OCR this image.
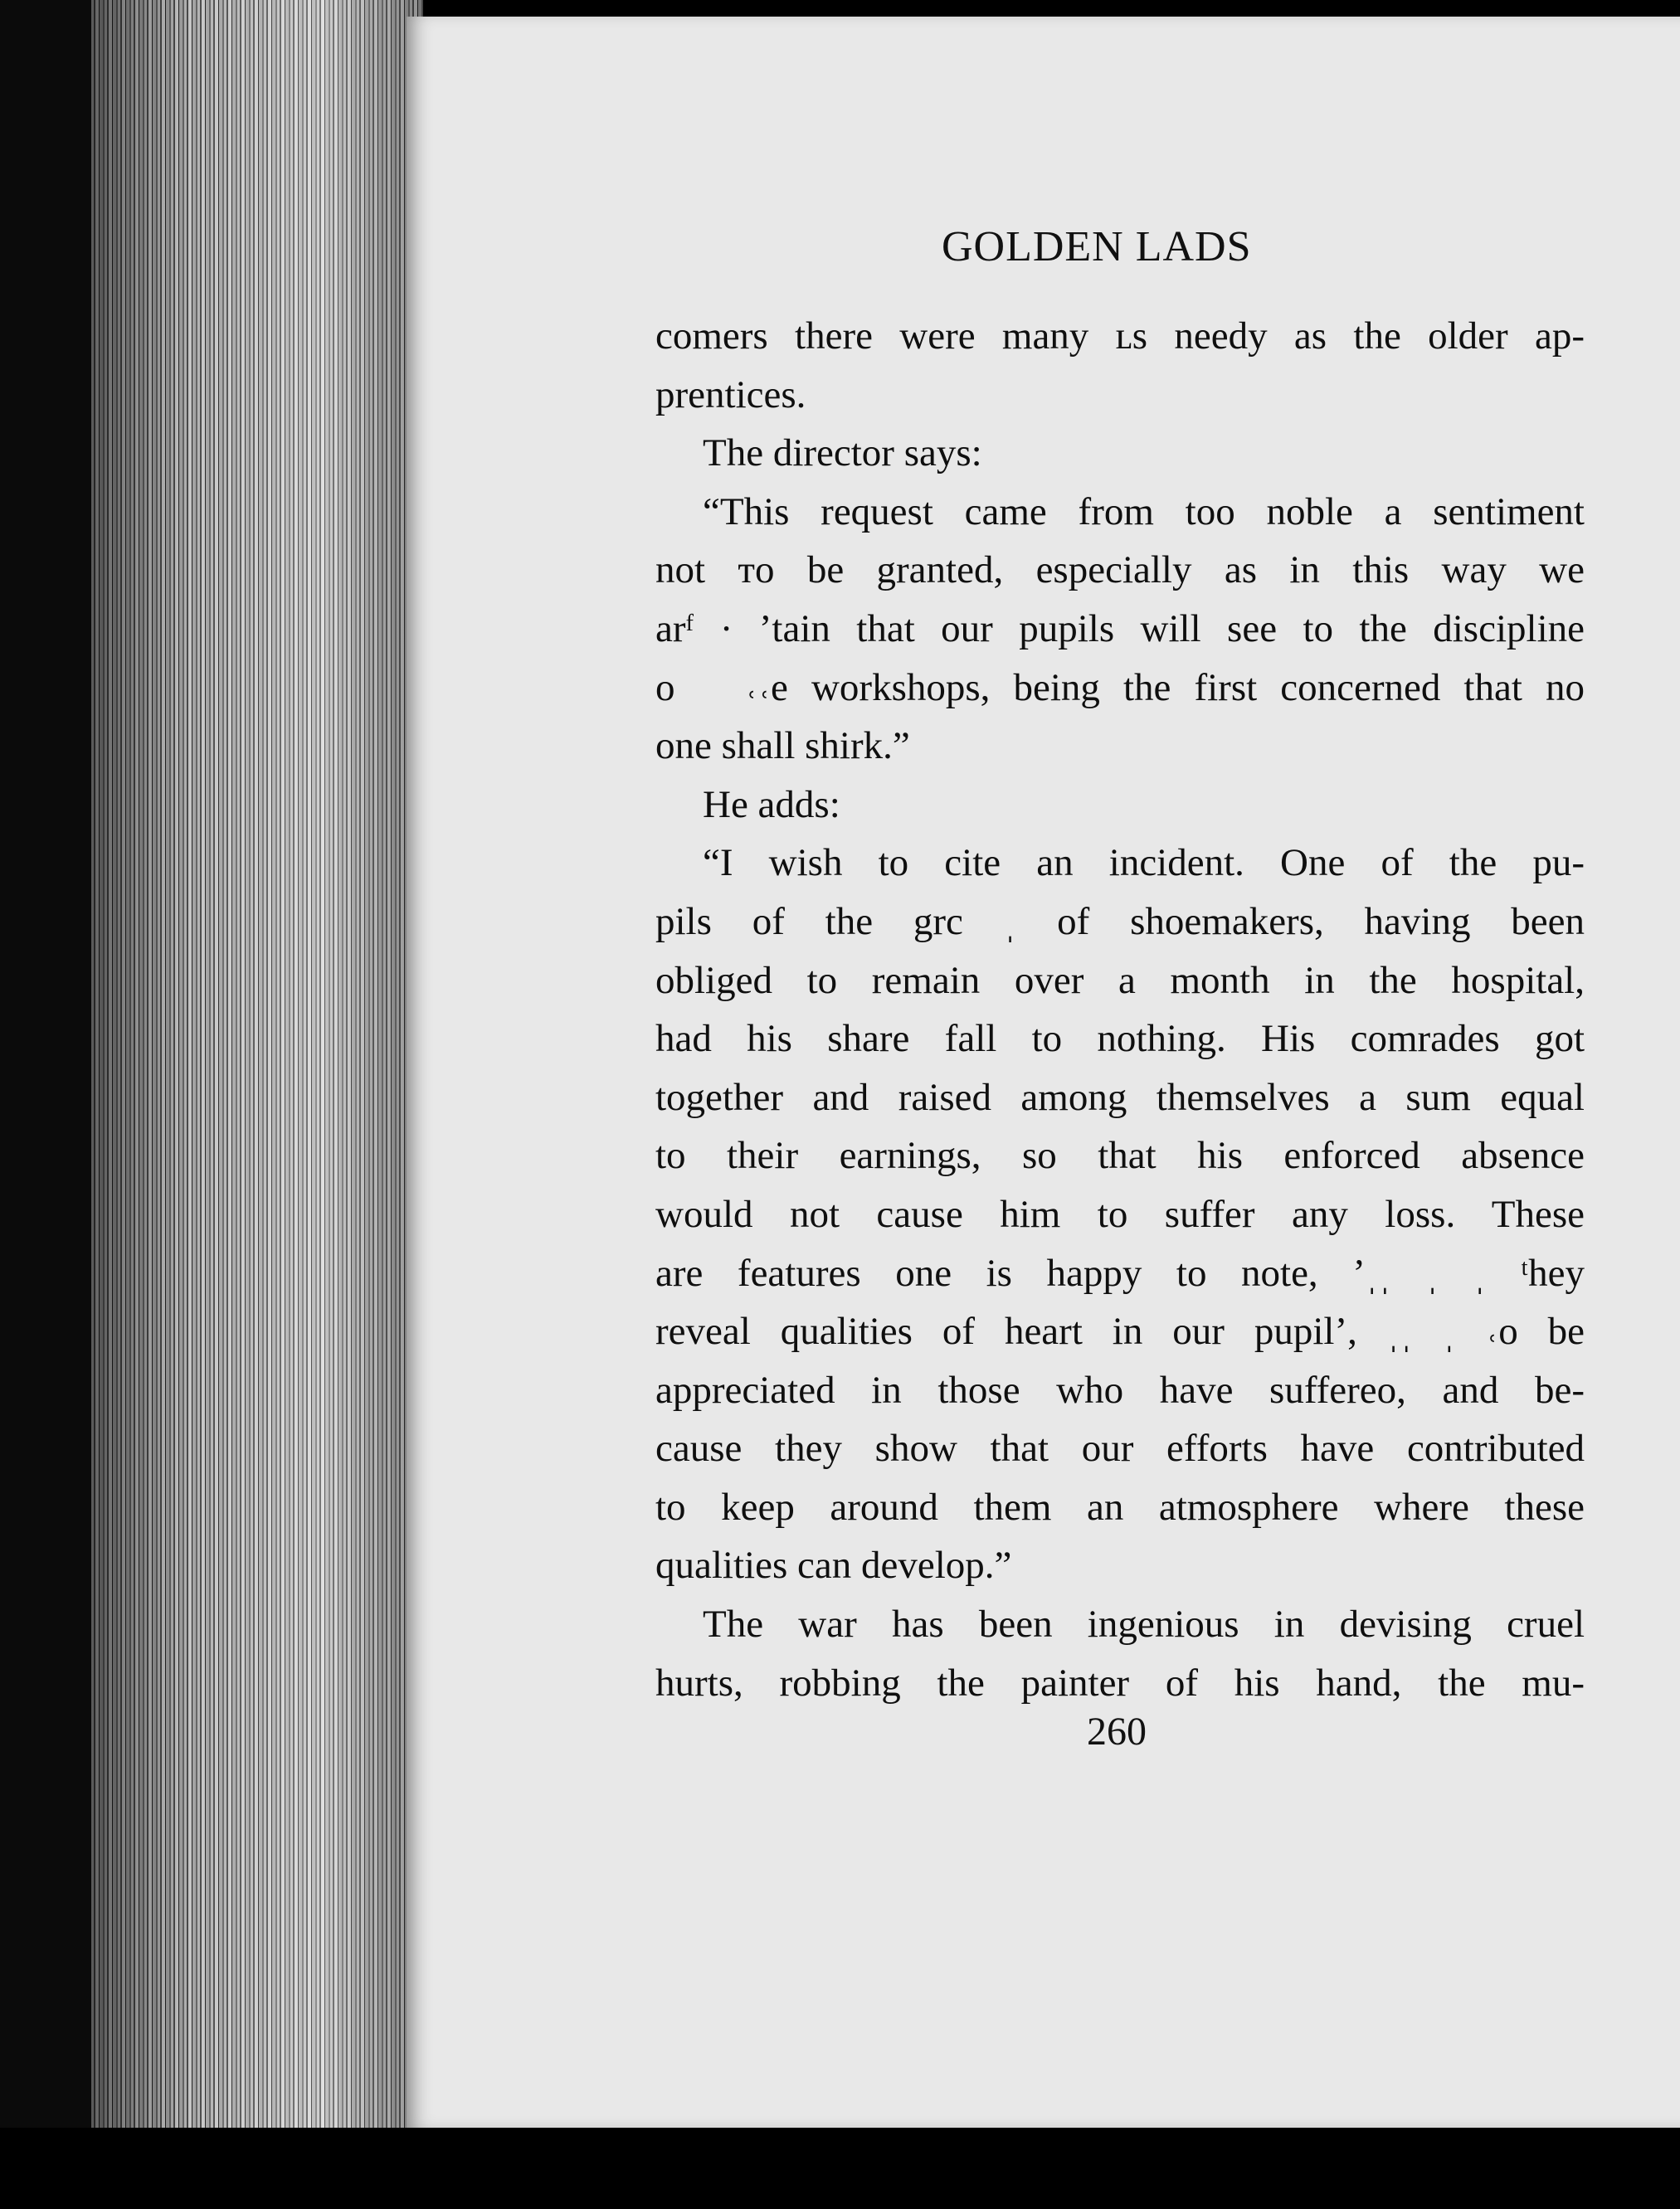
GOLDEN LADS
comers there were many ʟѕ needy as the older ap-
prentices.
The director says:
“This request came from too noble a sentiment
not ᴛo be granted, especially as in this way we
arᶠ · ʼtain that our pupils will see to the discipline
o   ˓˓e workshops, being the first concerned that no
one shall shirk.”
He adds:
“I wish to cite an incident. One of the pu-
pils of the grc ˌ of shoemakers, having been
obliged to remain over a month in the hospital,
had his share fall to nothing. His comrades got
together and raised among themselves a sum equal
to their earnings, so that his enforced absence
would not cause him to suffer any loss. These
are features one is happy to note, ʼˌˌ ˌ ˌ ᵗhey
reveal qualities of heart in our pupilʼ, ˌˌ ˌ ˓o be
appreciated in those who have suffereo, and be-
cause they show that our efforts have contributed
to keep around them an atmosphere where these
qualities can develop.”
The war has been ingenious in devising cruel
hurts, robbing the painter of his hand, the mu-
260
